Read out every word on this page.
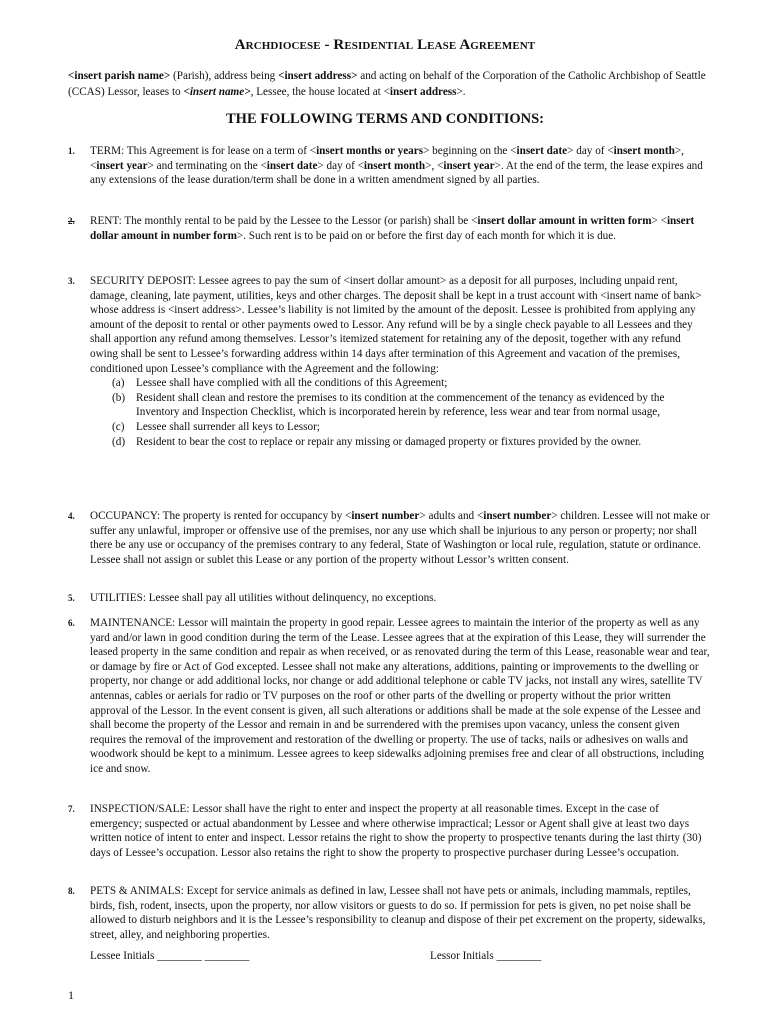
Archdiocese - Residential Lease Agreement
<insert parish name> (Parish), address being <insert address> and acting on behalf of the Corporation of the Catholic Archbishop of Seattle (CCAS) Lessor, leases to <insert name>, Lessee, the house located at <insert address>.
THE FOLLOWING TERMS AND CONDITIONS:
1.	TERM: This Agreement is for lease on a term of <insert months or years> beginning on the <insert date> day of <insert month>, <insert year> and terminating on the <insert date> day of <insert month>, <insert year>. At the end of the term, the lease expires and any extensions of the lease duration/term shall be done in a written amendment signed by all parties.
2.	RENT: The monthly rental to be paid by the Lessee to the Lessor (or parish) shall be <insert dollar amount in written form> <insert dollar amount in number form>. Such rent is to be paid on or before the first day of each month for which it is due.
3.	SECURITY DEPOSIT: Lessee agrees to pay the sum of <insert dollar amount> as a deposit for all purposes, including unpaid rent, damage, cleaning, late payment, utilities, keys and other charges. The deposit shall be kept in a trust account with <insert name of bank> whose address is <insert address>. Lessee’s liability is not limited by the amount of the deposit. Lessee is prohibited from applying any amount of the deposit to rental or other payments owed to Lessor. Any refund will be by a single check payable to all Lessees and they shall apportion any refund among themselves. Lessor’s itemized statement for retaining any of the deposit, together with any refund owing shall be sent to Lessee’s forwarding address within 14 days after termination of this Agreement and vacation of the premises, conditioned upon Lessee’s compliance with the Agreement and the following:
(a) Lessee shall have complied with all the conditions of this Agreement;
(b) Resident shall clean and restore the premises to its condition at the commencement of the tenancy as evidenced by the Inventory and Inspection Checklist, which is incorporated herein by reference, less wear and tear from normal usage,
(c) Lessee shall surrender all keys to Lessor;
(d) Resident to bear the cost to replace or repair any missing or damaged property or fixtures provided by the owner.
4.	OCCUPANCY: The property is rented for occupancy by <insert number> adults and <insert number> children. Lessee will not make or suffer any unlawful, improper or offensive use of the premises, nor any use which shall be injurious to any person or property; nor shall there be any use or occupancy of the premises contrary to any federal, State of Washington or local rule, regulation, statute or ordinance. Lessee shall not assign or sublet this Lease or any portion of the property without Lessor’s written consent.
5.	UTILITIES: Lessee shall pay all utilities without delinquency, no exceptions.
6.	MAINTENANCE: Lessor will maintain the property in good repair. Lessee agrees to maintain the interior of the property as well as any yard and/or lawn in good condition during the term of the Lease. Lessee agrees that at the expiration of this Lease, they will surrender the leased property in the same condition and repair as when received, or as renovated during the term of this Lease, reasonable wear and tear, or damage by fire or Act of God excepted. Lessee shall not make any alterations, additions, painting or improvements to the dwelling or property, nor change or add additional locks, nor change or add additional telephone or cable TV jacks, not install any wires, satellite TV antennas, cables or aerials for radio or TV purposes on the roof or other parts of the dwelling or property without the prior written approval of the Lessor. In the event consent is given, all such alterations or additions shall be made at the sole expense of the Lessee and shall become the property of the Lessor and remain in and be surrendered with the premises upon vacancy, unless the consent given requires the removal of the improvement and restoration of the dwelling or property. The use of tacks, nails or adhesives on walls and woodwork should be kept to a minimum. Lessee agrees to keep sidewalks adjoining premises free and clear of all obstructions, including ice and snow.
7.	INSPECTION/SALE: Lessor shall have the right to enter and inspect the property at all reasonable times. Except in the case of emergency; suspected or actual abandonment by Lessee and where otherwise impractical; Lessor or Agent shall give at least two days written notice of intent to enter and inspect. Lessor retains the right to show the property to prospective tenants during the last thirty (30) days of Lessee’s occupation. Lessor also retains the right to show the property to prospective purchaser during Lessee’s occupation.
8.	PETS & ANIMALS: Except for service animals as defined in law, Lessee shall not have pets or animals, including mammals, reptiles, birds, fish, rodent, insects, upon the property, nor allow visitors or guests to do so. If permission for pets is given, no pet noise shall be allowed to disturb neighbors and it is the Lessee’s responsibility to cleanup and dispose of their pet excrement on the property, sidewalks, street, alley, and neighboring properties.
Lessee Initials ________ ________	Lessor Initials ________
1
